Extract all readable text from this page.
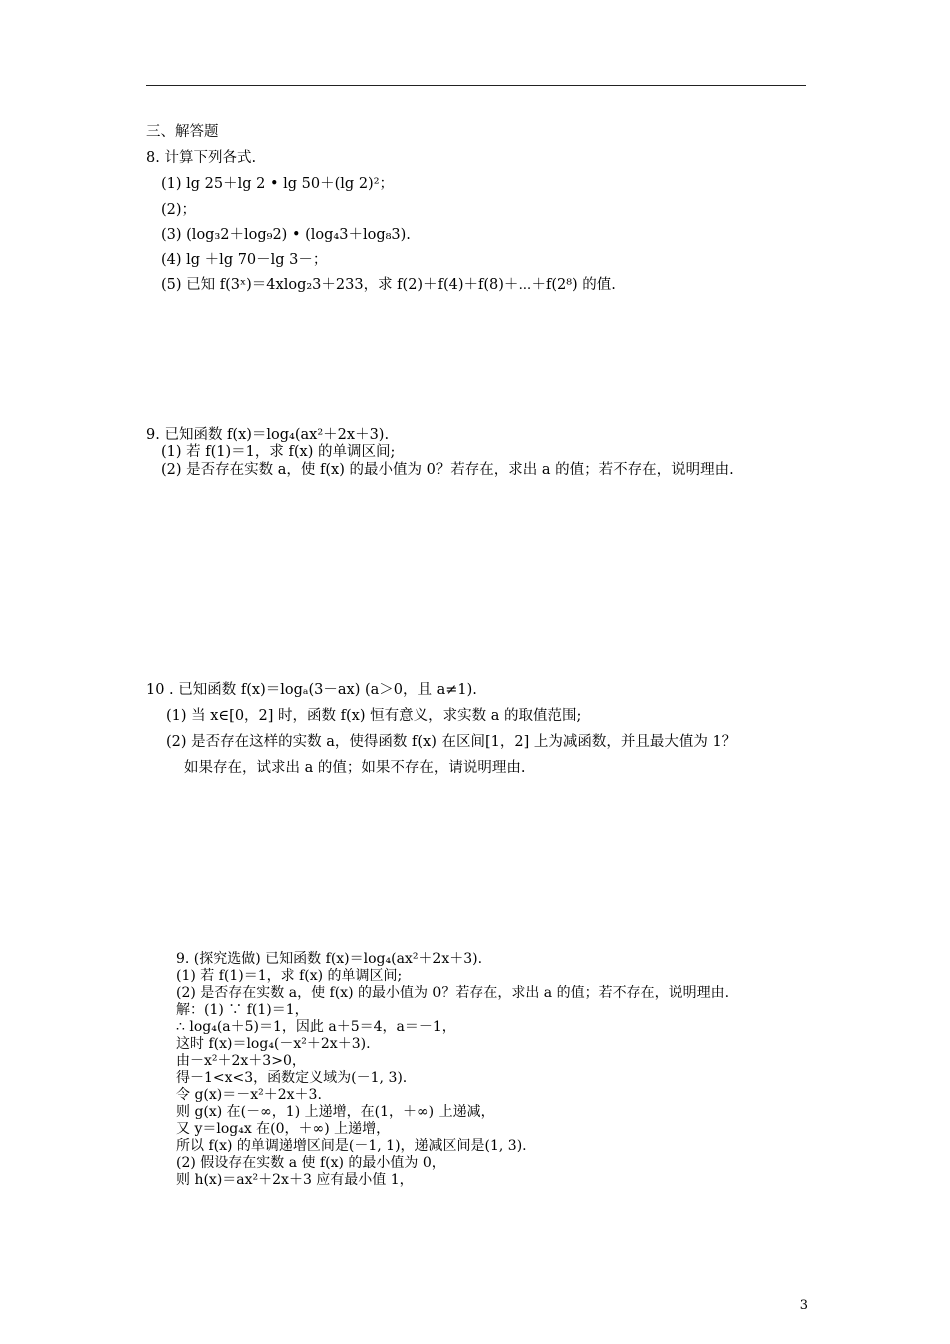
三、解答题
8. 计算下列各式.
(1) lg 25＋lg 2 • lg 50＋(lg 2)²；
(2)；
(3) (log₃2＋log₉2) • (log₄3＋log₈3).
(4) lg ＋lg 70－lg 3－；
(5) 已知 f(3ˣ)＝4xlog₂3＋233，求 f(2)＋f(4)＋f(8)＋⋯＋f(2⁸) 的值.
9. 已知函数 f(x)＝log₄(ax²＋2x＋3).
(1) 若 f(1)＝1，求 f(x) 的单调区间;
(2) 是否存在实数 a，使 f(x) 的最小值为 0？若存在，求出 a 的值；若不存在，说明理由.
10 . 已知函数 f(x)＝logₐ(3－ax) (a＞0，且 a≠1).
(1) 当 x∈[0，2] 时，函数 f(x) 恒有意义，求实数 a 的取值范围;
(2) 是否存在这样的实数 a，使得函数 f(x) 在区间[1，2] 上为减函数，并且最大值为 1？
如果存在，试求出 a 的值；如果不存在，请说明理由.
9. (探究选做) 已知函数 f(x)＝log₄(ax²＋2x＋3).
(1) 若 f(1)＝1，求 f(x) 的单调区间;
(2) 是否存在实数 a，使 f(x) 的最小值为 0？若存在，求出 a 的值；若不存在，说明理由.
解：(1) ∵ f(1)＝1，
∴ log₄(a＋5)＝1，因此 a＋5＝4，a＝－1，
这时 f(x)＝log₄(－x²＋2x＋3).
由－x²＋2x＋3>0，
得－1<x<3，函数定义域为(－1, 3).
令 g(x)＝－x²＋2x＋3.
则 g(x) 在(－∞，1) 上递增，在(1，＋∞) 上递减，
又 y＝log₄x 在(0，＋∞) 上递增，
所以 f(x) 的单调递增区间是(－1, 1)，递减区间是(1, 3).
(2) 假设存在实数 a 使 f(x) 的最小值为 0，
则 h(x)＝ax²＋2x＋3 应有最小值 1，
3
